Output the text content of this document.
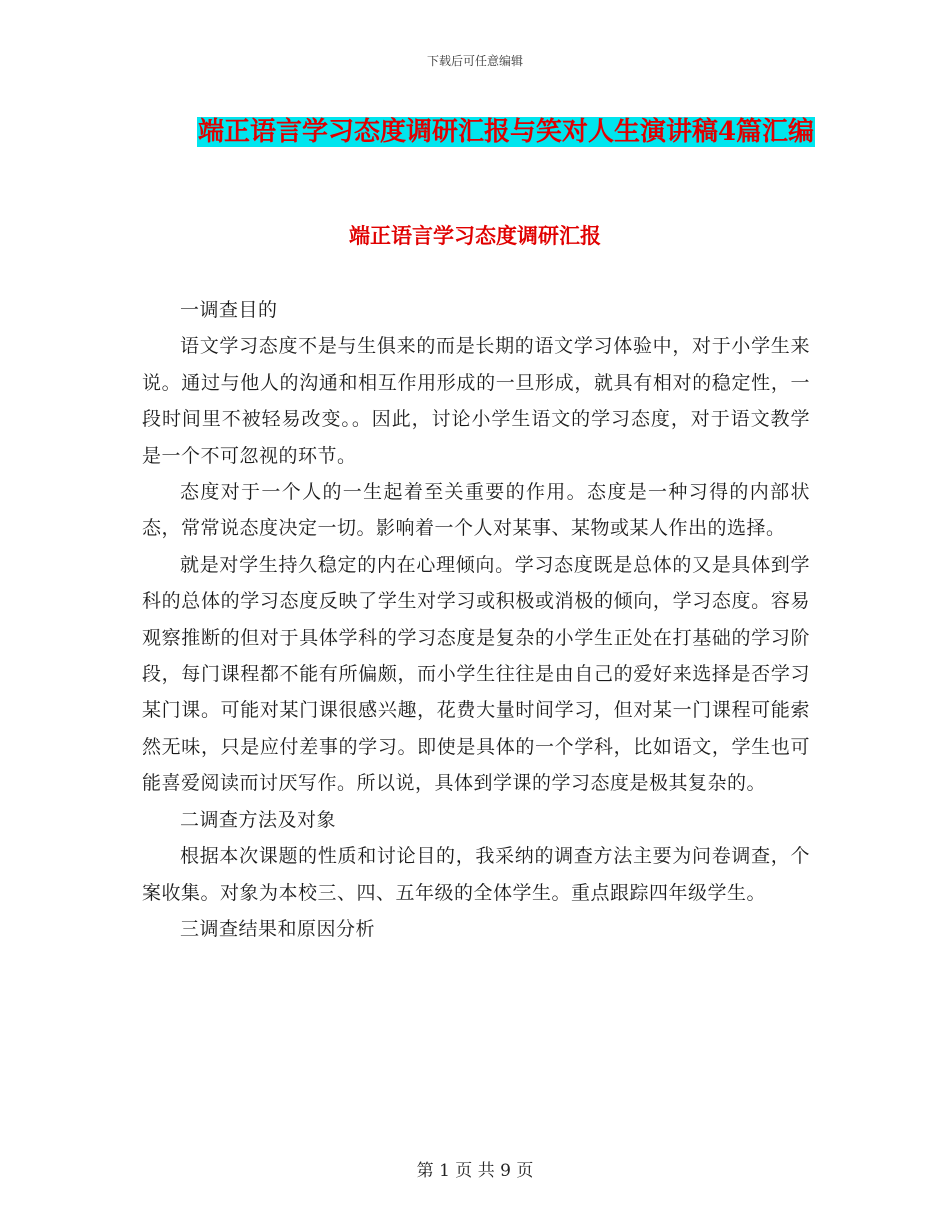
下载后可任意编辑
端正语言学习态度调研汇报与笑对人生演讲稿4篇汇编
端正语言学习态度调研汇报

一调查目的

语文学习态度不是与生俱来的而是长期的语文学习体验中，对于小学生来说。通过与他人的沟通和相互作用形成的一旦形成，就具有相对的稳定性，一段时间里不被轻易改变。。因此，讨论小学生语文的学习态度，对于语文教学是一个不可忽视的环节。

态度对于一个人的一生起着至关重要的作用。态度是一种习得的内部状态，常常说态度决定一切。影响着一个人对某事、某物或某人作出的选择。

就是对学生持久稳定的内在心理倾向。学习态度既是总体的又是具体到学科的总体的学习态度反映了学生对学习或积极或消极的倾向，学习态度。容易观察推断的但对于具体学科的学习态度是复杂的小学生正处在打基础的学习阶段，每门课程都不能有所偏颇，而小学生往往是由自己的爱好来选择是否学习某门课。可能对某门课很感兴趣，花费大量时间学习，但对某一门课程可能索然无味，只是应付差事的学习。即使是具体的一个学科，比如语文，学生也可能喜爱阅读而讨厌写作。所以说，具体到学课的学习态度是极其复杂的。

二调查方法及对象

根据本次课题的性质和讨论目的，我采纳的调查方法主要为问卷调查，个案收集。对象为本校三、四、五年级的全体学生。重点跟踪四年级学生。

三调查结果和原因分析

第 1 页 共 9 页
